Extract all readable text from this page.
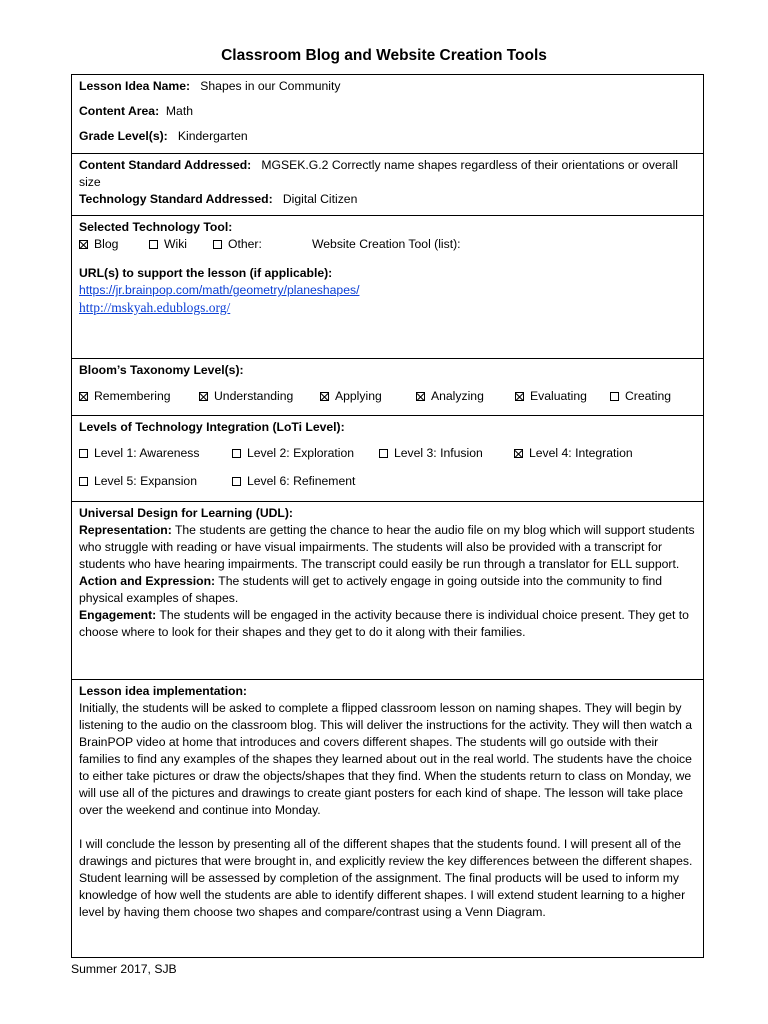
Classroom Blog and Website Creation Tools
Lesson Idea Name: Shapes in our Community
Content Area: Math
Grade Level(s): Kindergarten
Content Standard Addressed: MGSEK.G.2 Correctly name shapes regardless of their orientations or overall
size
Technology Standard Addressed: Digital Citizen
Selected Technology Tool:
Blog	Wiki	Other:	Website Creation Tool (list):
URL(s) to support the lesson (if applicable):
https://jr.brainpop.com/math/geometry/planeshapes/
http://mskyah.edublogs.org/
Bloom’s Taxonomy Level(s):
Remembering	Understanding	Applying	Analyzing	Evaluating	Creating
Levels of Technology Integration (LoTi Level):
Level 1: Awareness	Level 2: Exploration	Level 3: Infusion	Level 4: Integration
Level 5: Expansion	Level 6: Refinement
Universal Design for Learning (UDL):
Representation: The students are getting the chance to hear the audio file on my blog which will support students who struggle with reading or have visual impairments. The students will also be provided with a transcript for students who have hearing impairments. The transcript could easily be run through a translator for ELL support.
Action and Expression: The students will get to actively engage in going outside into the community to find physical examples of shapes.
Engagement: The students will be engaged in the activity because there is individual choice present. They get to choose where to look for their shapes and they get to do it along with their families.
Lesson idea implementation:
Initially, the students will be asked to complete a flipped classroom lesson on naming shapes. They will begin by listening to the audio on the classroom blog. This will deliver the instructions for the activity. They will then watch a BrainPOP video at home that introduces and covers different shapes. The students will go outside with their families to find any examples of the shapes they learned about out in the real world. The students have the choice to either take pictures or draw the objects/shapes that they find. When the students return to class on Monday, we will use all of the pictures and drawings to create giant posters for each kind of shape. The lesson will take place over the weekend and continue into Monday.
I will conclude the lesson by presenting all of the different shapes that the students found. I will present all of the drawings and pictures that were brought in, and explicitly review the key differences between the different shapes. Student learning will be assessed by completion of the assignment. The final products will be used to inform my knowledge of how well the students are able to identify different shapes. I will extend student learning to a higher level by having them choose two shapes and compare/contrast using a Venn Diagram.
Summer 2017, SJB
